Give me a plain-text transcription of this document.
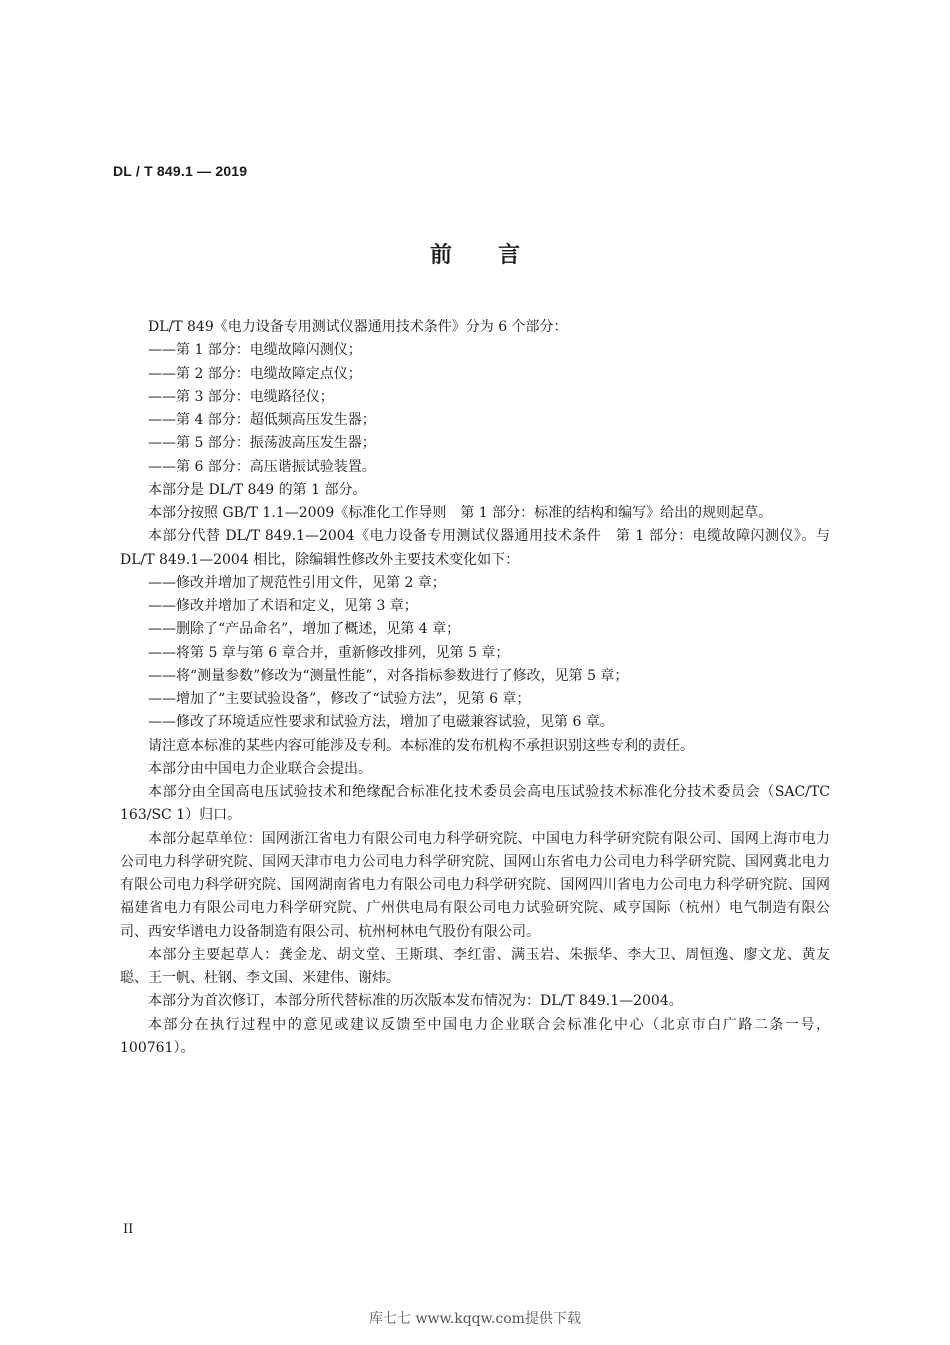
DL / T 849.1 — 2019
前 言

DL/T 849《电力设备专用测试仪器通用技术条件》分为 6 个部分：

——第 1 部分：电缆故障闪测仪；

——第 2 部分：电缆故障定点仪；

——第 3 部分：电缆路径仪；

——第 4 部分：超低频高压发生器；

——第 5 部分：振荡波高压发生器；

——第 6 部分：高压谐振试验装置。

本部分是 DL/T 849 的第 1 部分。

本部分按照 GB/T 1.1—2009《标准化工作导则　第 1 部分：标准的结构和编写》给出的规则起草。

本部分代替 DL/T 849.1—2004《电力设备专用测试仪器通用技术条件　第 1 部分：电缆故障闪测仪》。与 DL/T 849.1—2004 相比，除编辑性修改外主要技术变化如下：

——修改并增加了规范性引用文件，见第 2 章；

——修改并增加了术语和定义，见第 3 章；

——删除了“产品命名”，增加了概述，见第 4 章；

——将第 5 章与第 6 章合并，重新修改排列，见第 5 章；

——将“测量参数”修改为“测量性能”，对各指标参数进行了修改，见第 5 章；

——增加了“主要试验设备”，修改了“试验方法”，见第 6 章；

——修改了环境适应性要求和试验方法，增加了电磁兼容试验，见第 6 章。

请注意本标准的某些内容可能涉及专利。本标准的发布机构不承担识别这些专利的责任。

本部分由中国电力企业联合会提出。

本部分由全国高电压试验技术和绝缘配合标准化技术委员会高电压试验技术标准化分技术委员会（SAC/TC 163/SC 1）归口。

本部分起草单位：国网浙江省电力有限公司电力科学研究院、中国电力科学研究院有限公司、国网上海市电力公司电力科学研究院、国网天津市电力公司电力科学研究院、国网山东省电力公司电力科学研究院、国网冀北电力有限公司电力科学研究院、国网湖南省电力有限公司电力科学研究院、国网四川省电力公司电力科学研究院、国网福建省电力有限公司电力科学研究院、广州供电局有限公司电力试验研究院、咸亨国际（杭州）电气制造有限公司、西安华谱电力设备制造有限公司、杭州柯林电气股份有限公司。

本部分主要起草人：龚金龙、胡文堂、王斯琪、李红雷、满玉岩、朱振华、李大卫、周恒逸、廖文龙、黄友聪、王一帆、杜钢、李文国、米建伟、谢炜。

本部分为首次修订，本部分所代替标准的历次版本发布情况为：DL/T 849.1—2004。

本部分在执行过程中的意见或建议反馈至中国电力企业联合会标准化中心（北京市白广路二条一号，100761）。

II
库七七 www.kqqw.com提供下载
